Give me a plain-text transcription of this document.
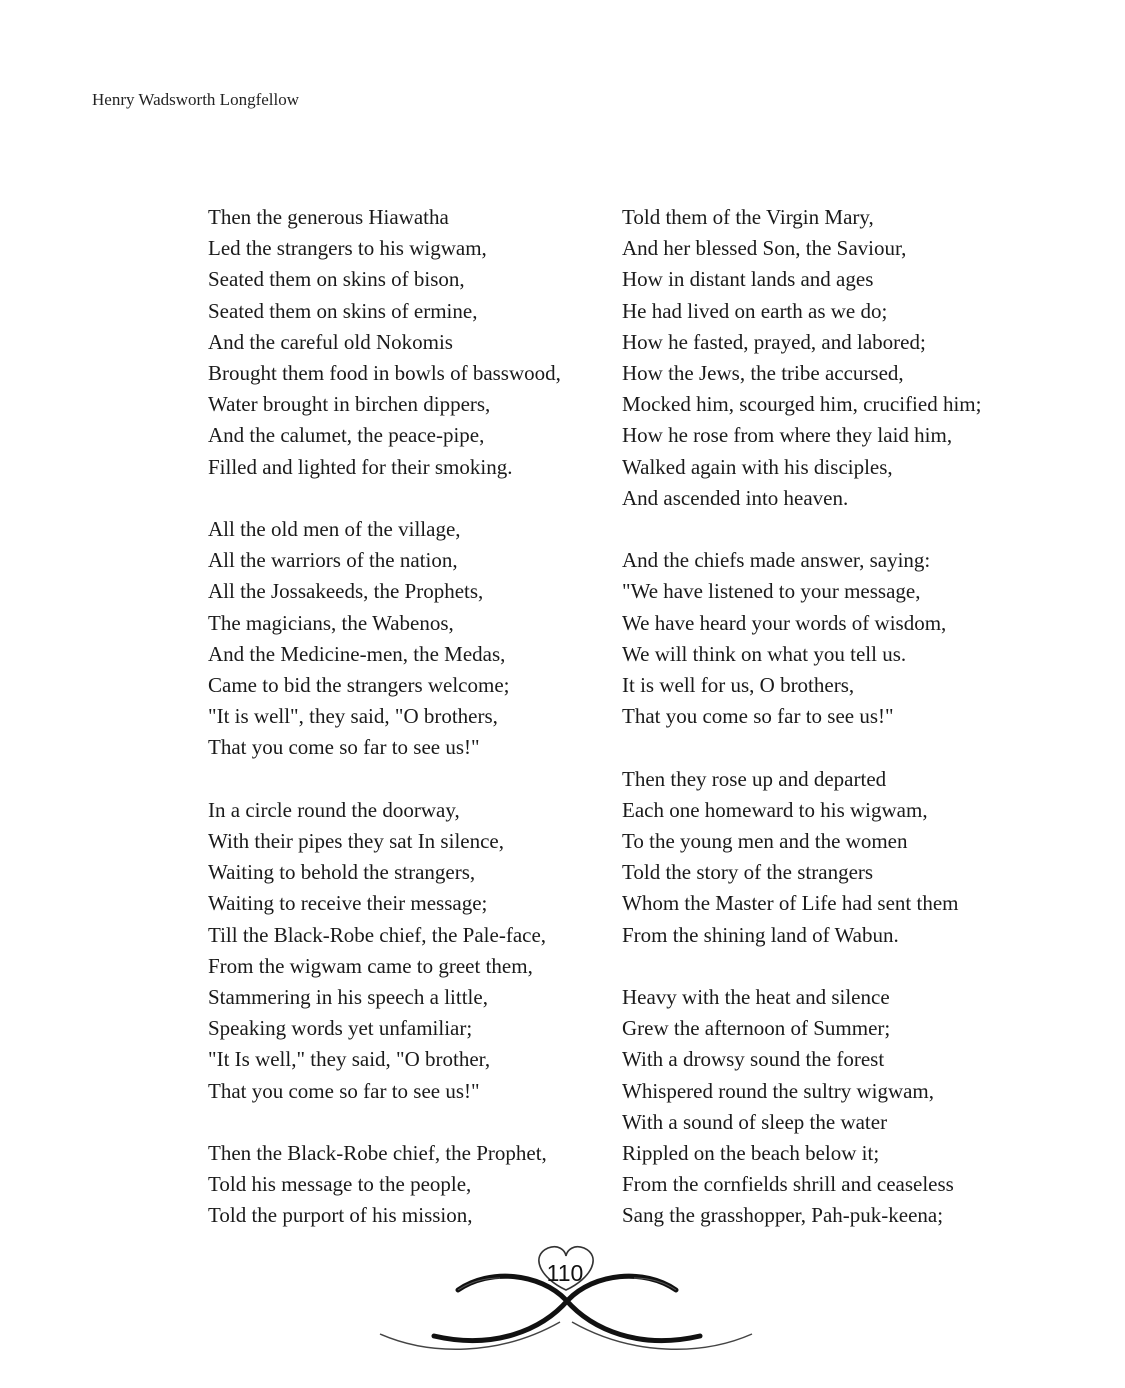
Henry Wadsworth Longfellow
Then the generous Hiawatha
Led the strangers to his wigwam,
Seated them on skins of bison,
Seated them on skins of ermine,
And the careful old Nokomis
Brought them food in bowls of basswood,
Water brought in birchen dippers,
And the calumet, the peace-pipe,
Filled and lighted for their smoking.
All the old men of the village,
All the warriors of the nation,
All the Jossakeeds, the Prophets,
The magicians, the Wabenos,
And the Medicine-men, the Medas,
Came to bid the strangers welcome;
"It is well", they said, "O brothers,
That you come so far to see us!"
In a circle round the doorway,
With their pipes they sat In silence,
Waiting to behold the strangers,
Waiting to receive their message;
Till the Black-Robe chief, the Pale-face,
From the wigwam came to greet them,
Stammering in his speech a little,
Speaking words yet unfamiliar;
"It Is well," they said, "O brother,
That you come so far to see us!"
Then the Black-Robe chief, the Prophet,
Told his message to the people,
Told the purport of his mission,
Told them of the Virgin Mary,
And her blessed Son, the Saviour,
How in distant lands and ages
He had lived on earth as we do;
How he fasted, prayed, and labored;
How the Jews, the tribe accursed,
Mocked him, scourged him, crucified him;
How he rose from where they laid him,
Walked again with his disciples,
And ascended into heaven.
And the chiefs made answer, saying:
"We have listened to your message,
We have heard your words of wisdom,
We will think on what you tell us.
It is well for us, O brothers,
That you come so far to see us!"
Then they rose up and departed
Each one homeward to his wigwam,
To the young men and the women
Told the story of the strangers
Whom the Master of Life had sent them
From the shining land of Wabun.
Heavy with the heat and silence
Grew the afternoon of Summer;
With a drowsy sound the forest
Whispered round the sultry wigwam,
With a sound of sleep the water
Rippled on the beach below it;
From the cornfields shrill and ceaseless
Sang the grasshopper, Pah-puk-keena;
110
